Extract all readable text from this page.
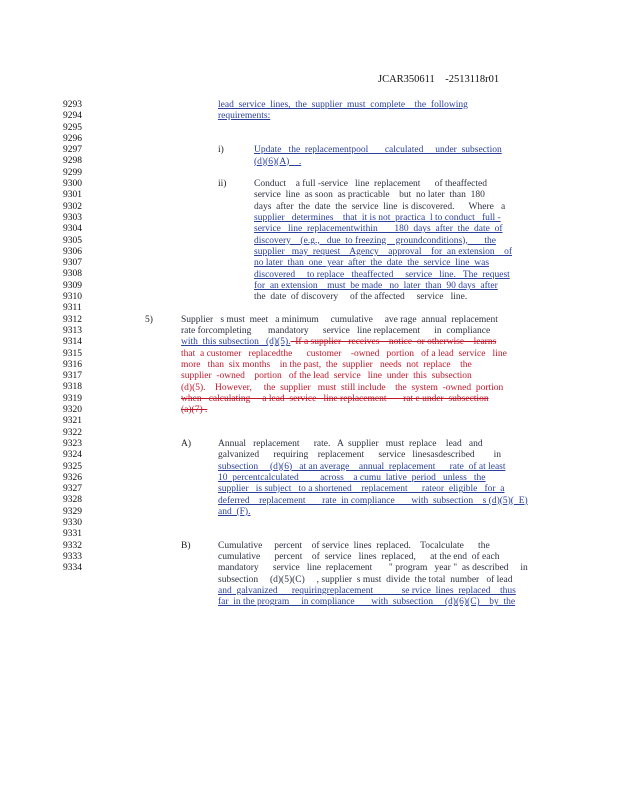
JCAR350611    -2513118r01
9293
9294
9295
9296
9297
9298
9299
9300
9301
9302
9303
9304
9305
9306
9307
9308
9309
9310
9311
9312
9313
9314
9315
9316
9317
9318
9319
9320
9321
9322
9323
9324
9325
9326
9327
9328
9329
9330
9331
9332
9333
9334
lead  service  lines,  the  supplier  must  complete    the  following
requirements:
i)	Update   the  replacementpool       calculated     under  subsection
(d)(6)(A)    .
ii)	Conduct    a full -service   line  replacement      of theaffected
service  line  as soon  as practicable    but  no later  than  180
days  after  the  date  the  service  line  is discovered.      Where   a
supplier   determines    that  it is not  practica  l to conduct   full -
service   line  replacementwithin       180  days  after  the  date  of
discovery    (e.g.,   due  to freezing    groundconditions),       the
supplier   may  request    Agency    approval    for  an extension    of
no later  than  one  year  after  the  date  the  service  line  was
discovered     to replace   theaffected     service   line.   The  request
for  an extension    must  be made   no  later  than  90 days  after
the  date  of discovery     of the affected     service   line.
5)	Supplier   s must  meet   a minimum     cumulative     ave rage  annual  replacement
rate forcompleting       mandatory      service   line replacement      in  compliance
with  this subsection   (d)(5).  If a supplier   receives    notice  or otherwise    learns
that  a customer   replacedthe      customer    -owned   portion   of a lead  service   line
more   than  six months    in the past,  the  supplier   needs  not  replace    the
supplier  -owned    portion   of the lead  service   line  under  this  subsection
(d)(5).    However,     the  supplier   must  still include    the  system  -owned  portion
when   calculating     a lead  service   line replacement       rat e under  subsection
(a)(7) .
A)	Annual   replacement      rate.   A  supplier   must  replace    lead   and
galvanized      requiring    replacement      service   linesasdescribed        in
subsection     (d)(6)   at an average    annual  replacement      rate  of at least
10  percentcalculated         across    a cumu  lative  period   unless   the
supplier   is subject   to a shortened    replacement      rateor  eligible   for  a
deferred    replacement       rate  in compliance       with  subsection    s (d)(5)(  E)
and  (F).
B)	Cumulative     percent    of service  lines  replaced.    Tocalculate      the
cumulative      percent    of  service   lines  replaced,      at the end  of each
mandatory      service   line  replacement       " program   year "  as described     in
subsection     (d)(5)(C)     , supplier  s must  divide  the total  number   of lead
and  galvanized      requiringreplacement            se rvice  lines  replaced    thus
far  in the program     in compliance       with  subsection     (d)(6)(C)    by  the
